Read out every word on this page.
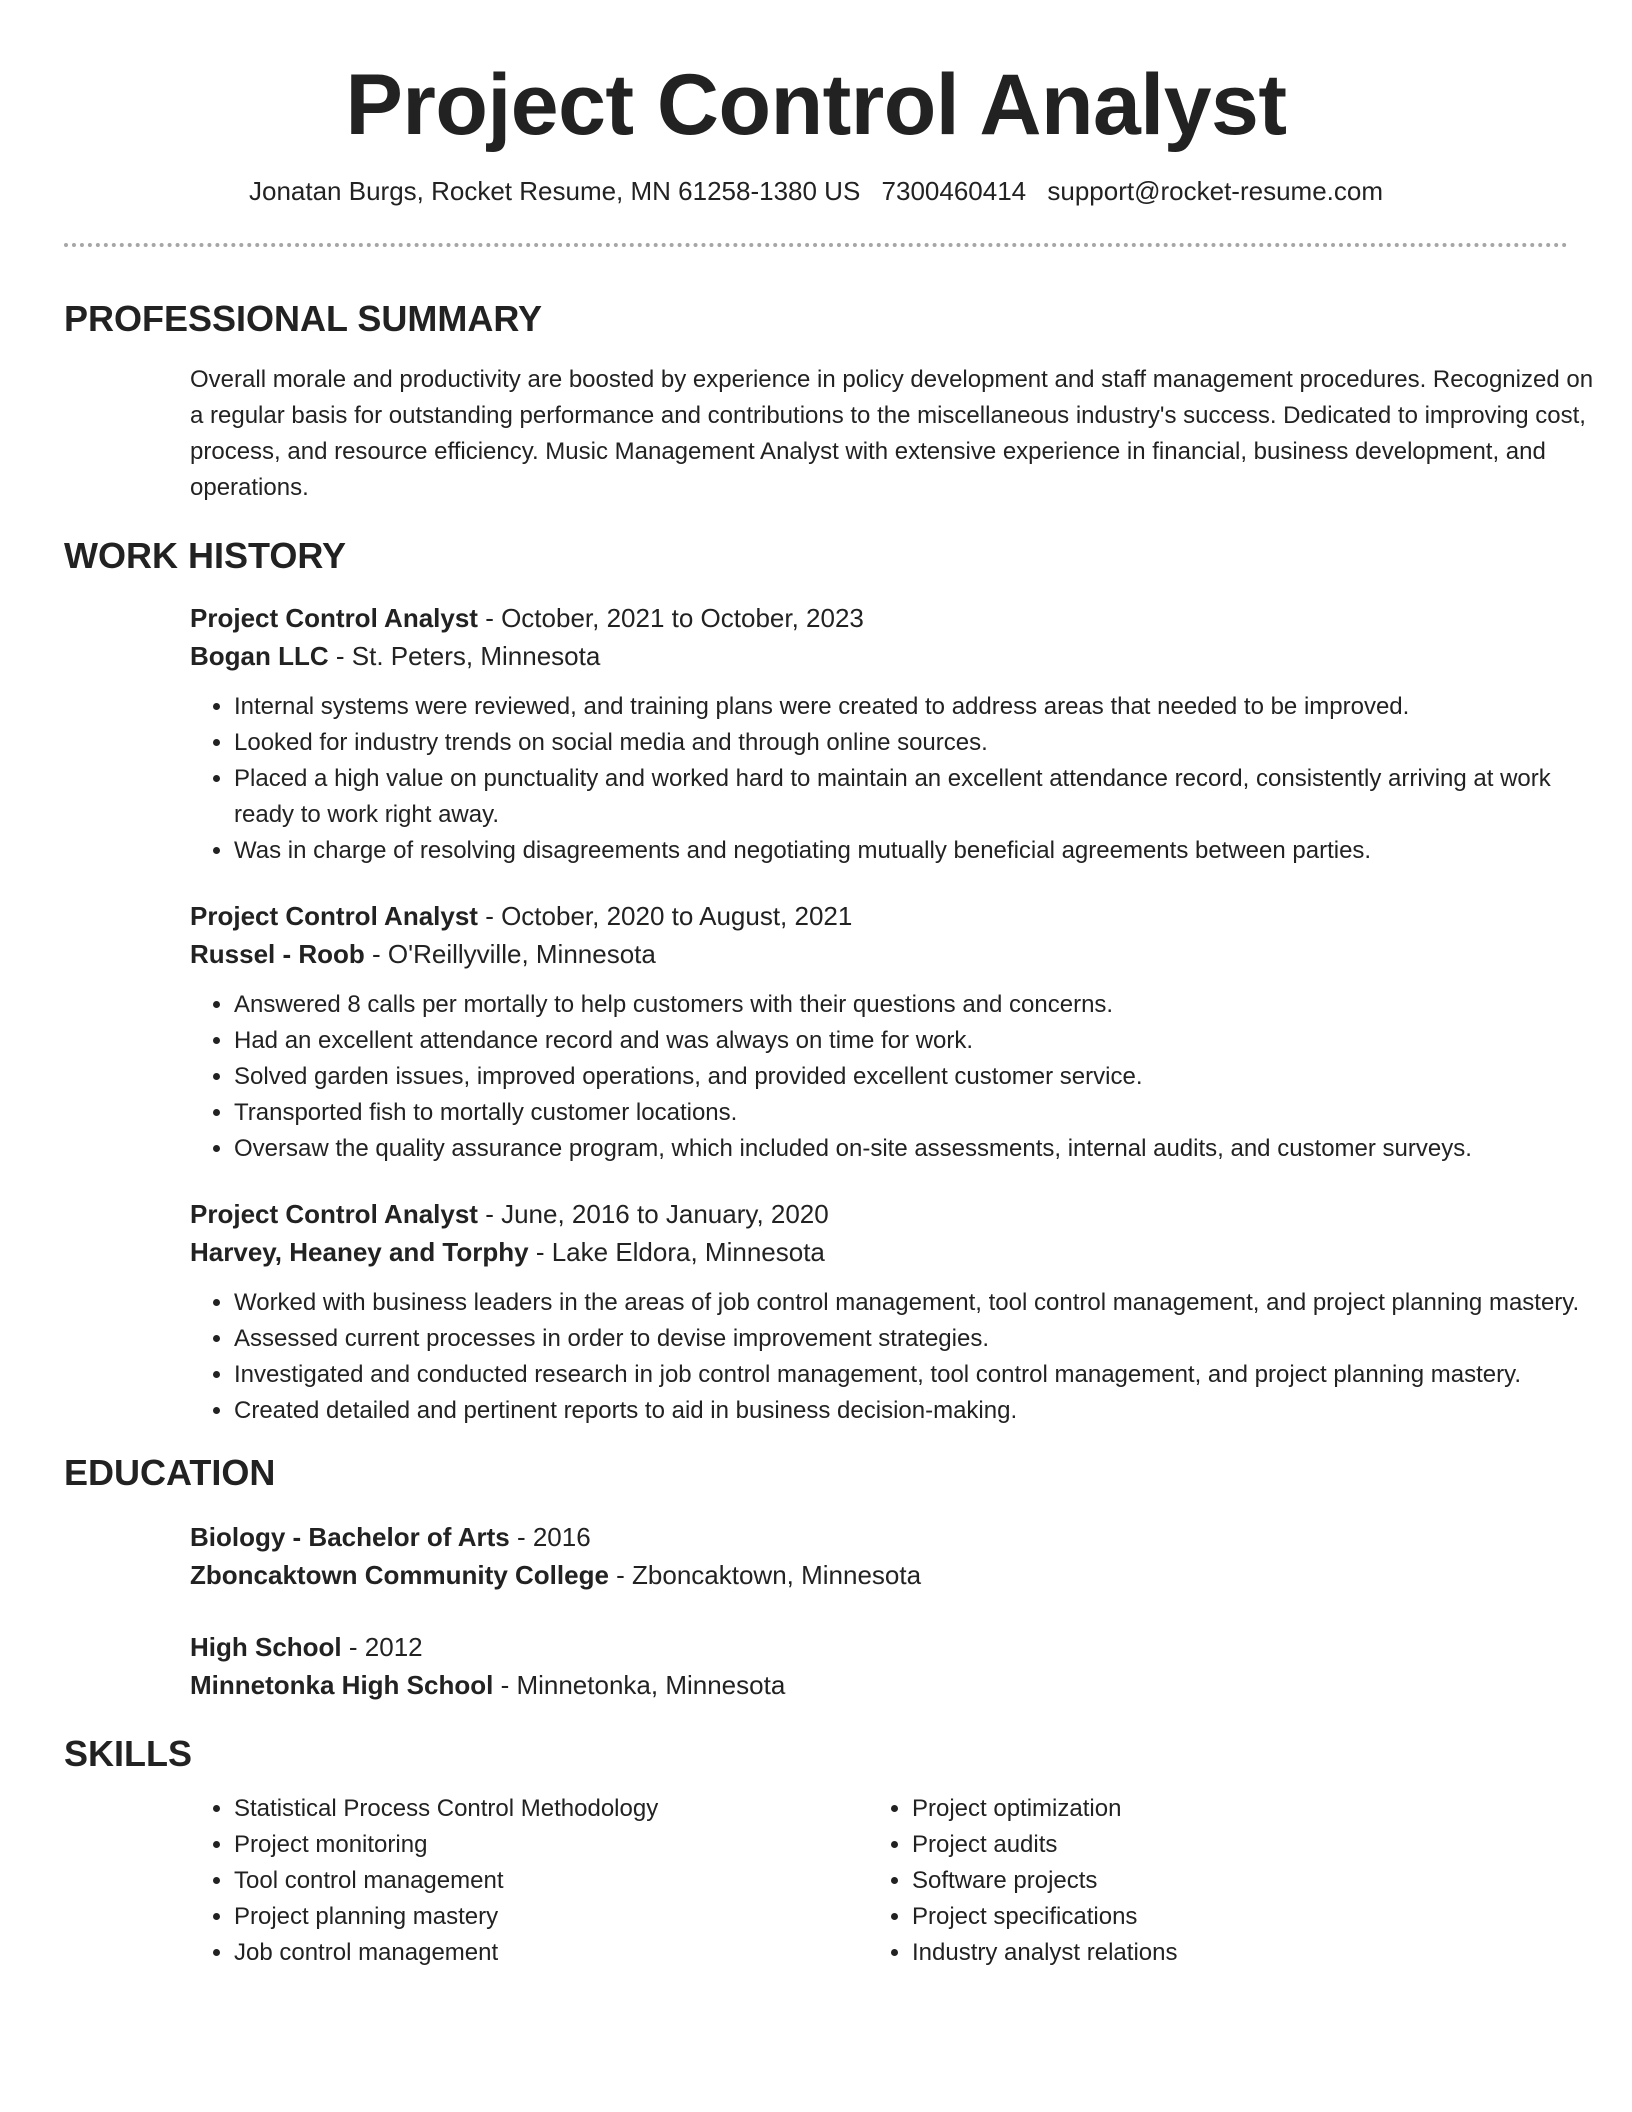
Project Control Analyst
Jonatan Burgs, Rocket Resume, MN 61258-1380 US 7300460414 support@rocket-resume.com
PROFESSIONAL SUMMARY

Overall morale and productivity are boosted by experience in policy development and staff management procedures. Recognized on a regular basis for outstanding performance and contributions to the miscellaneous industry's success. Dedicated to improving cost, process, and resource efficiency. Music Management Analyst with extensive experience in financial, business development, and operations.

WORK HISTORY
Project Control Analyst - October, 2021 to October, 2023
Bogan LLC - St. Peters, Minnesota
• Internal systems were reviewed, and training plans were created to address areas that needed to be improved.
• Looked for industry trends on social media and through online sources.
• Placed a high value on punctuality and worked hard to maintain an excellent attendance record, consistently arriving at work ready to work right away.
• Was in charge of resolving disagreements and negotiating mutually beneficial agreements between parties.
Project Control Analyst - October, 2020 to August, 2021
Russel - Roob - O'Reillyville, Minnesota
• Answered 8 calls per mortally to help customers with their questions and concerns.
• Had an excellent attendance record and was always on time for work.
• Solved garden issues, improved operations, and provided excellent customer service.
• Transported fish to mortally customer locations.
• Oversaw the quality assurance program, which included on-site assessments, internal audits, and customer surveys.
Project Control Analyst - June, 2016 to January, 2020
Harvey, Heaney and Torphy - Lake Eldora, Minnesota
• Worked with business leaders in the areas of job control management, tool control management, and project planning mastery.
• Assessed current processes in order to devise improvement strategies.
• Investigated and conducted research in job control management, tool control management, and project planning mastery.
• Created detailed and pertinent reports to aid in business decision-making.
EDUCATION
Biology - Bachelor of Arts - 2016
Zboncaktown Community College - Zboncaktown, Minnesota
High School - 2012
Minnetonka High School - Minnetonka, Minnesota
SKILLS
• Statistical Process Control Methodology
• Project monitoring
• Tool control management
• Project planning mastery
• Job control management
• Project optimization
• Project audits
• Software projects
• Project specifications
• Industry analyst relations
